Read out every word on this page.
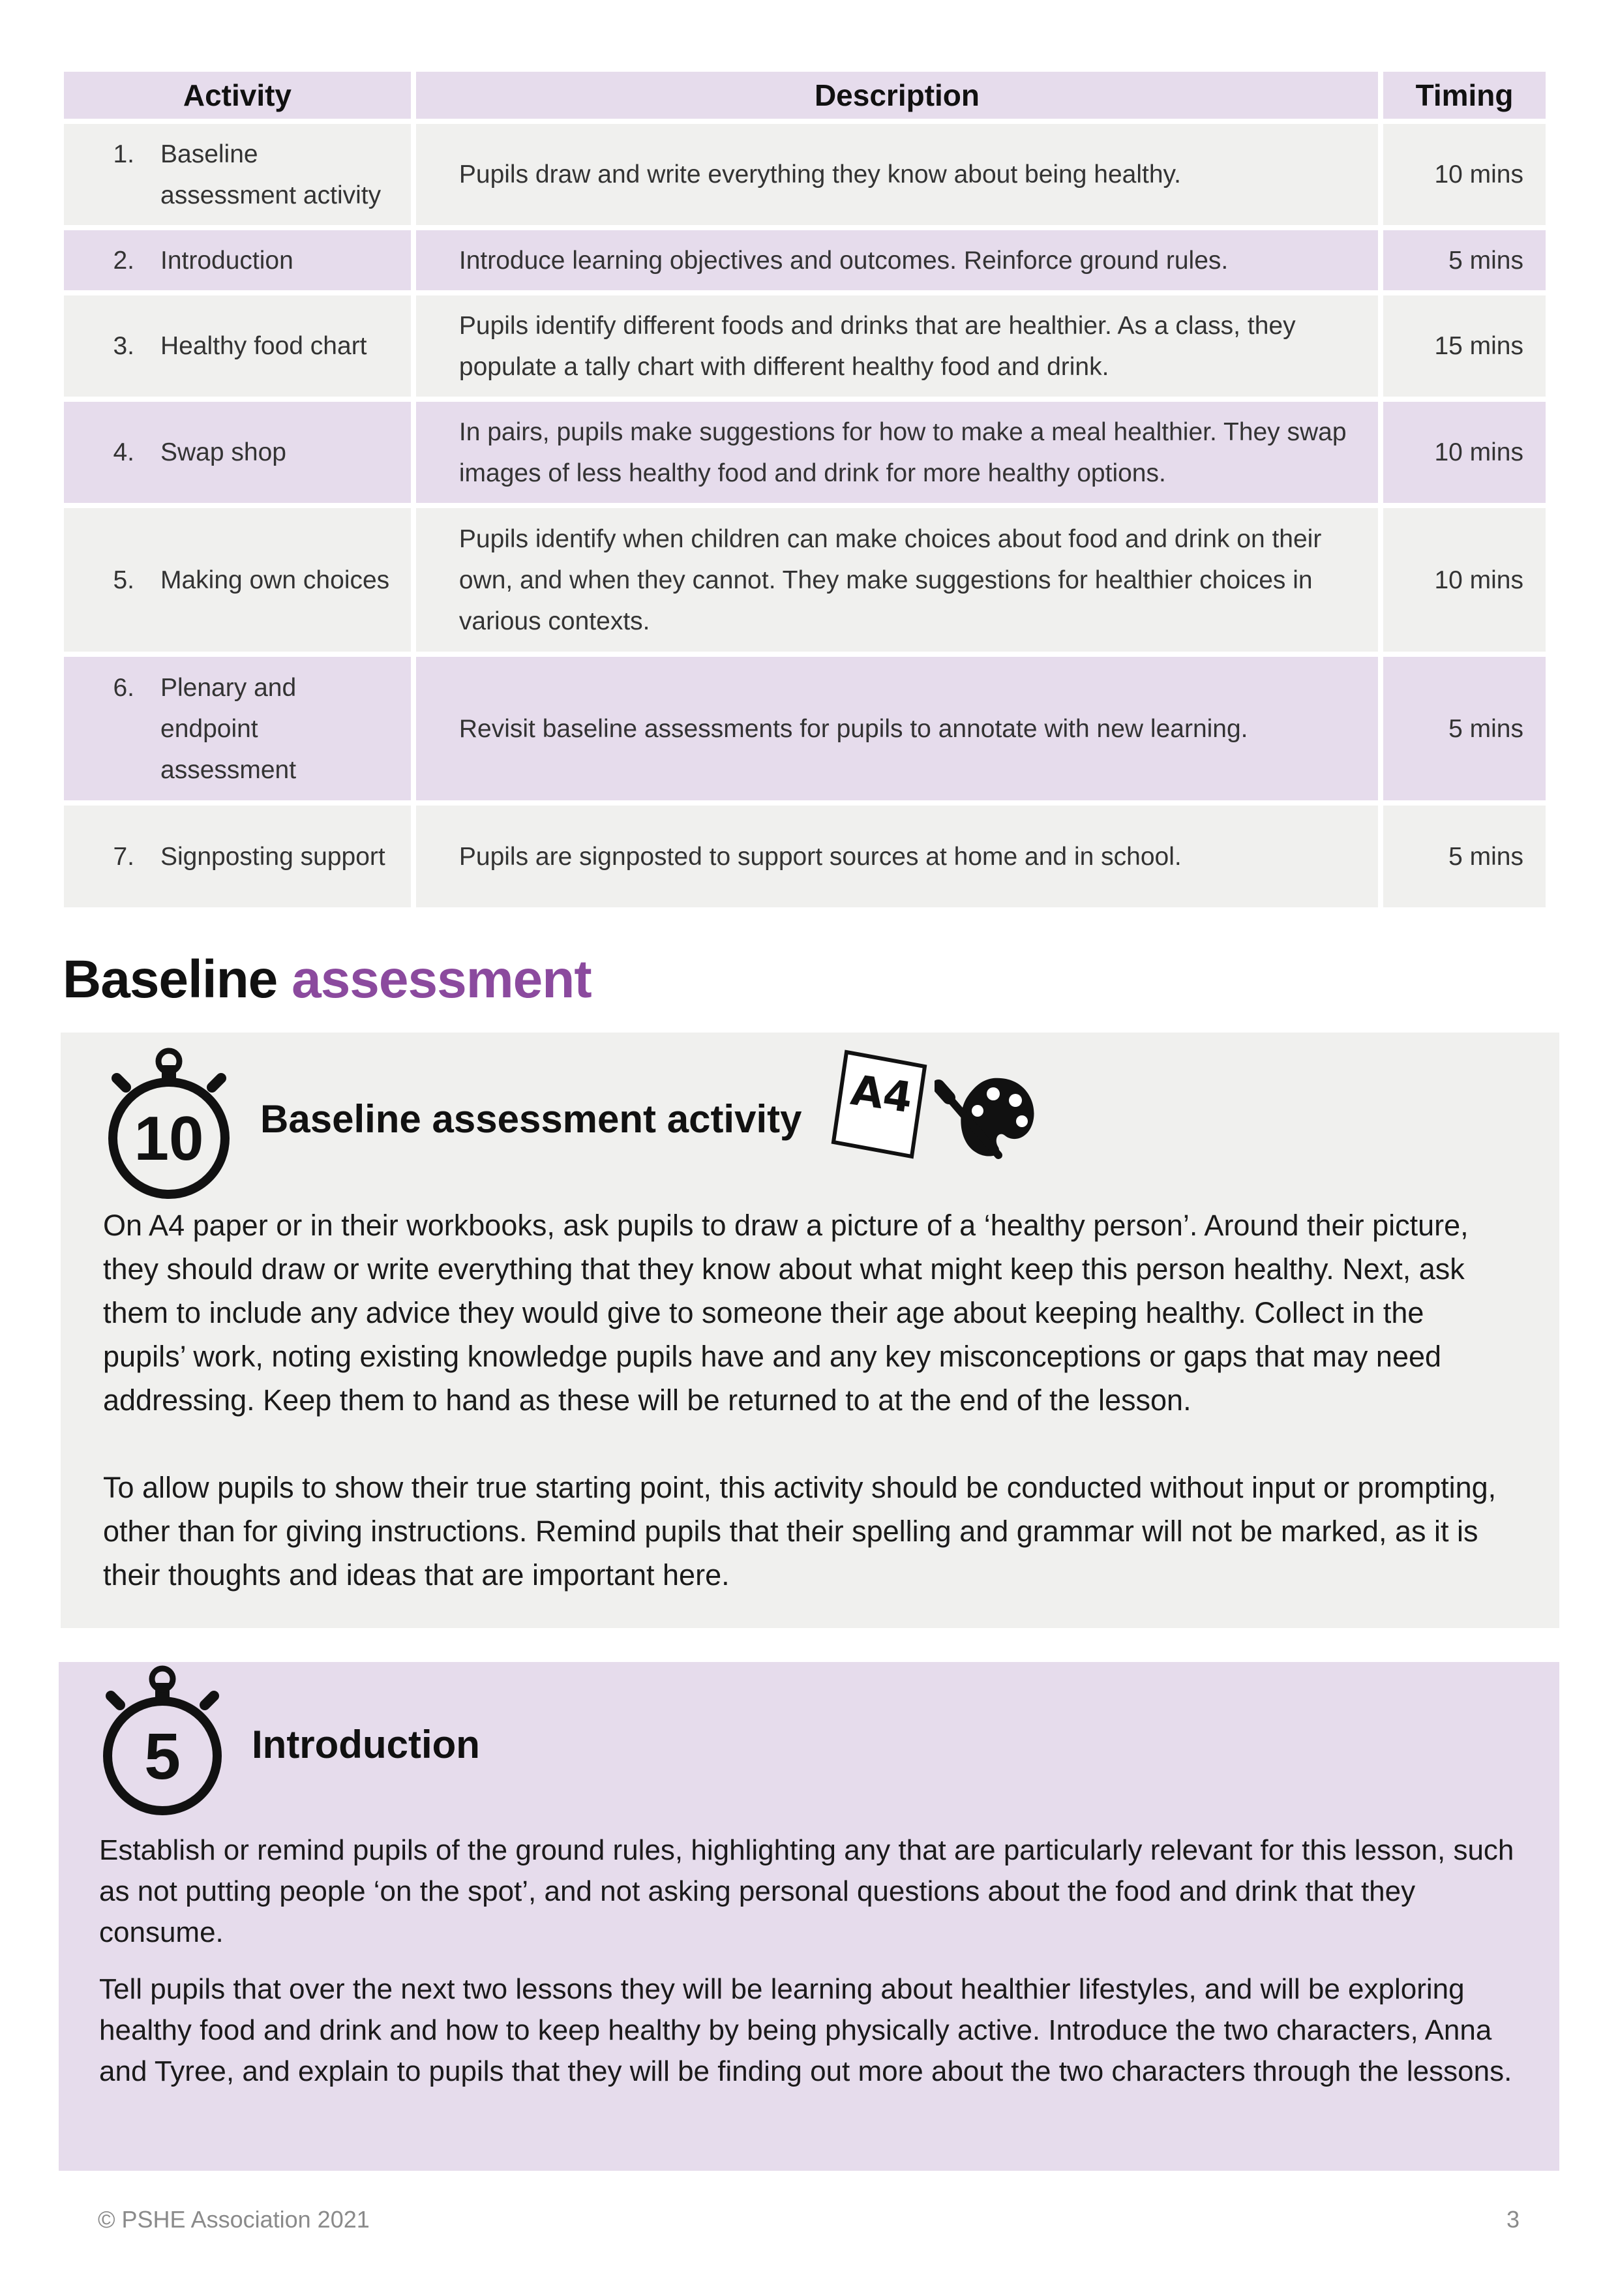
Activity	Description	Timing

1. Baseline assessment activity	Pupils draw and write everything they know about being healthy.	10 mins

2. Introduction	Introduce learning objectives and outcomes. Reinforce ground rules.	5 mins

3. Healthy food chart	Pupils identify different foods and drinks that are healthier. As a class, they populate a tally chart with different healthy food and drink.	15 mins

4. Swap shop	In pairs, pupils make suggestions for how to make a meal healthier. They swap images of less healthy food and drink for more healthy options.	10 mins

5. Making own choices	Pupils identify when children can make choices about food and drink on their own, and when they cannot. They make suggestions for healthier choices in various contexts.	10 mins

6. Plenary and endpoint assessment	Revisit baseline assessments for pupils to annotate with new learning.	5 mins

7. Signposting support	Pupils are signposted to support sources at home and in school.	5 mins
Baseline assessment
10	Baseline assessment activity A4

On A4 paper or in their workbooks, ask pupils to draw a picture of a ‘healthy person’. Around their picture, they should draw or write everything that they know about what might keep this person healthy. Next, ask them to include any advice they would give to someone their age about keeping healthy. Collect in the pupils’ work, noting existing knowledge pupils have and any key misconceptions or gaps that may need addressing. Keep them to hand as these will be returned to at the end of the lesson.

To allow pupils to show their true starting point, this activity should be conducted without input or prompting, other than for giving instructions. Remind pupils that their spelling and grammar will not be marked, as it is their thoughts and ideas that are important here.

5	Introduction

Establish or remind pupils of the ground rules, highlighting any that are particularly relevant for this lesson, such as not putting people ‘on the spot’, and not asking personal questions about the food and drink that they consume.

Tell pupils that over the next two lessons they will be learning about healthier lifestyles, and will be exploring healthy food and drink and how to keep healthy by being physically active. Introduce the two characters, Anna and Tyree, and explain to pupils that they will be finding out more about the two characters through the lessons.

© PSHE Association 2021	3
